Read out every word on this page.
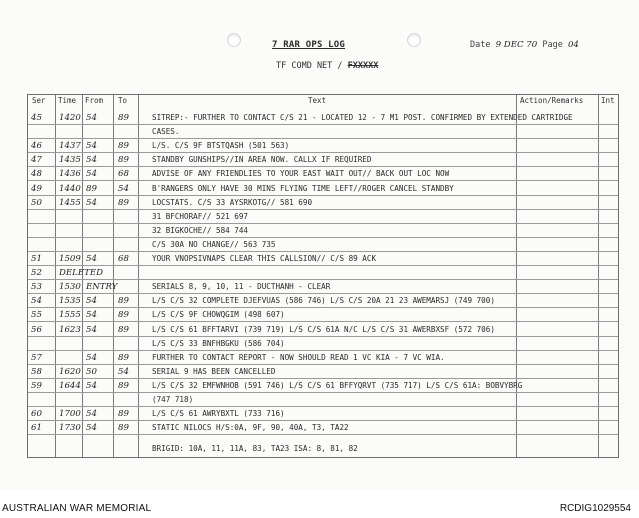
7 RAR OPS LOG	Date 9 DEC 70 Page 04
TF COMD NET / FXXXXX
Ser Time From To	Text	Action/Remarks Int
45 1420 54 89	SITREP:- FURTHER TO CONTACT C/S 21 - LOCATED 12 - 7 M1 POST. CONFIRMED BY EXTENDED CARTRIDGE
CASES.
46 1437 54 89	L/S. C/S 9F BTSTQASH (501 563)
47 1435 54 89	STANDBY GUNSHIPS//IN AREA NOW. CALLX IF REQUIRED
48 1436 54 68	ADVISE OF ANY FRIENDLIES TO YOUR EAST WAIT OUT// BACK OUT LOC NOW
49 1440 89 54	B'RANGERS ONLY HAVE 30 MINS FLYING TIME LEFT//ROGER CANCEL STANDBY
50 1455 54 89	LOCSTATS. C/S 33 AYSRKOTG// 581 690
31 BFCHORAF// 521 697
32 BIGKOCHE// 584 744
C/S 30A NO CHANGE// 563 735
51 1509 54 68	YOUR VNOPSIVNAPS CLEAR THIS CALLSION// C/S 89 ACK
52 DELETED
53 1530 ENTRY	SERIALS 8, 9, 10, 11 - DUCTHANH - CLEAR
54 1535 54 89	L/S C/S 32 COMPLETE DJEFVUAS (586 746) L/S C/S 20A 21 23 AWEMARSJ (749 700)
55 1555 54 89	L/S C/S 9F CHOWQGIM (498 607)
56 1623 54 89	L/S C/S 61 BFFTARVI (739 719) L/S C/S 61A N/C L/S C/S 31 AWERBXSF (572 706)
L/S C/S 33 BNFHBGKU (586 704)
57	54 89	FURTHER TO CONTACT REPORT - NOW SHOULD READ 1 VC KIA - 7 VC WIA.
58 1620 50 54	SERIAL 9 HAS BEEN CANCELLED
59 1644 54 89	L/S C/S 32 EMFWNHOB (591 746) L/S C/S 61 BFFYQRVT (735 717) L/S C/S 61A: BOBVYBRG
(747 718)
60 1700 54 89	L/S C/S 61 AWRYBXTL (733 716)
61 1730 54 89	STATIC NILOCS H/S:0A, 9F, 90, 40A, T3, TA22
BRIGID: 10A, 11, 11A, 83, TA23 ISA: 8, 81, 82
AUSTRALIAN WAR MEMORIAL	RCDIG1029554
